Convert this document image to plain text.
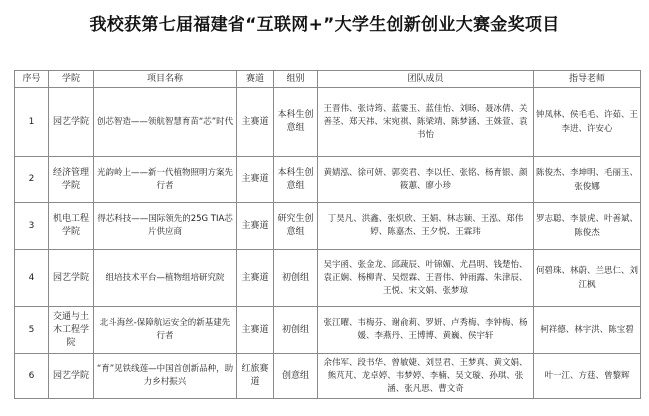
我校获第七届福建省“互联网+”大学生创新创业大赛金奖项目
序号	学院	项目名称	赛道	组别	团队成员	指导老师
1	园艺学院	创芯智造——领航智慧育苗“芯”时代	主赛道	本科生创意组	王晋伟、张诗筠、蓝霎玉、蓝佳怡、刘旸、聂冰倩、关善茎、郑天祎、宋宛祺、陈梁靖、陈梦涵、王姝萱、袁书怡	钟凤林、侯毛毛、许茹、王李进、许安心
2	经济管理学院	光韵岭上——新一代植物照明方案先行者	主赛道	本科生创意组	黄婧泓、徐可妍、郭奕君、李以任、张铭、杨育银、颜筱蕙、廖小珍	陈俊杰、李坤明、毛丽玉、张俊娜
3	机电工程学院	得芯科技——国际领先的25G TIA芯片供应商	主赛道	研究生创意组	丁昊凡、洪鑫、张炽欣、王娟、林志颖、王泓、郑伟婷、陈嘉杰、王夕悦、王霖玮	罗志聪、李景虎、叶善斌、陈俊杰
4	园艺学院	组培技术平台—植物组培研究院	主赛道	初创组	吴宇函、张金龙、邱蔬辰、叶锦媚、尤昌明、钱楚怡、袁正娴、杨柳青、吴煜霖、王晋伟、钟雨露、朱津辰、王悦、宋文娟、张梦琼	何碧珠、林蔚、兰思仁、刘江枫
5	交通与土木工程学院	北斗海丝-保障航运安全的新基建先行者	主赛道	初创组	张江曜、韦梅芬、谢俞莉、罗妍、卢秀梅、李钟梅、杨媛、李燕丹、王博博、黄巍、侯宇轩	柯祥德、林宇洪、陈宝碧
6	园艺学院	“育”见铁线莲—中国首创新品种，助力乡村振兴	红旅赛道	创意组	余伟军、段书华、曾敏婕、刘昱君、王梦真、黄文娟、熊芃芃、龙卓婷、韦梦婷、李楠、吴文璇、孙琪、张涵、张凡思、曹文奇	叶一江、方莛、曾黎辉
